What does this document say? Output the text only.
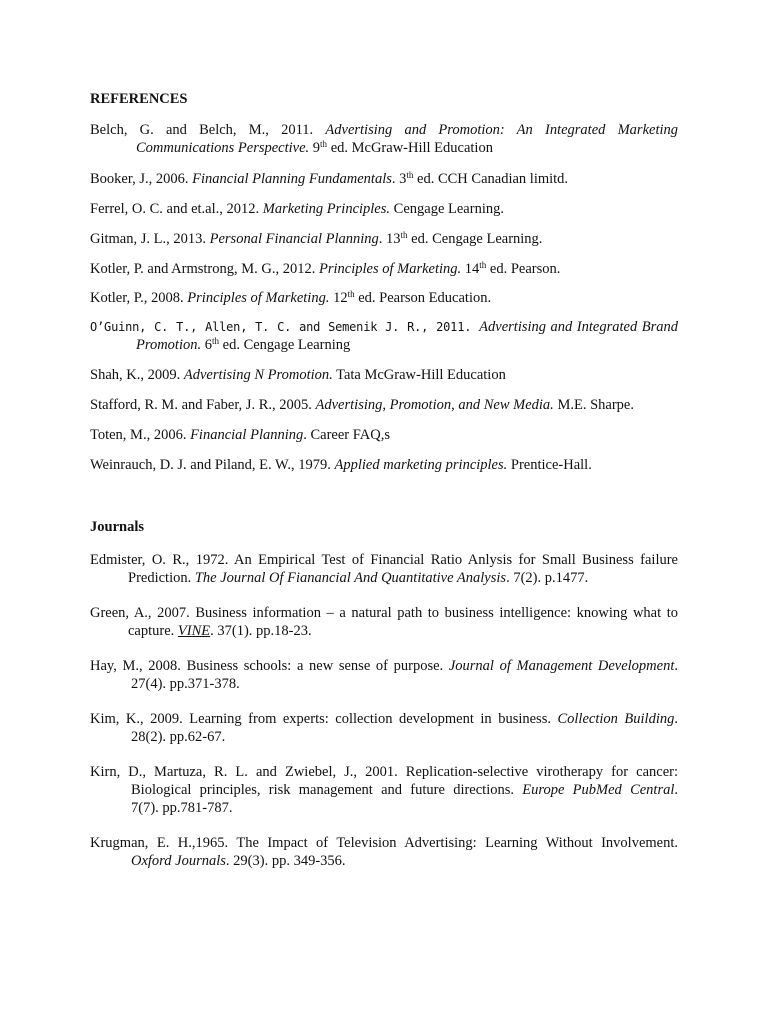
REFERENCES

Belch, G. and Belch, M., 2011. Advertising and Promotion: An Integrated Marketing
Communications Perspective. 9th ed. McGraw-Hill Education

Booker, J., 2006. Financial Planning Fundamentals. 3th ed. CCH Canadian limitd.

Ferrel, O. C. and et.al., 2012. Marketing Principles. Cengage Learning.

Gitman, J. L., 2013. Personal Financial Planning. 13th ed. Cengage Learning.

Kotler, P. and Armstrong, M. G., 2012. Principles of Marketing. 14th ed. Pearson.

Kotler, P., 2008. Principles of Marketing. 12th ed. Pearson Education.

O’Guinn, C. T., Allen, T. C. and Semenik J. R., 2011. Advertising and Integrated Brand
Promotion. 6th ed. Cengage Learning

Shah, K., 2009. Advertising N Promotion. Tata McGraw-Hill Education

Stafford, R. M. and Faber, J. R., 2005. Advertising, Promotion, and New Media. M.E. Sharpe.

Toten, M., 2006. Financial Planning. Career FAQ,s

Weinrauch, D. J. and Piland, E. W., 1979. Applied marketing principles. Prentice-Hall.

Journals

Edmister, O. R., 1972. An Empirical Test of Financial Ratio Anlysis for Small Business failure
Prediction. The Journal Of Fianancial And Quantitative Analysis. 7(2). p.1477.

Green, A., 2007. Business information – a natural path to business intelligence: knowing what to
capture. VINE. 37(1). pp.18-23.

Hay, M., 2008. Business schools: a new sense of purpose. Journal of Management Development.
27(4). pp.371-378.

Kim, K., 2009. Learning from experts: collection development in business. Collection Building.
28(2). pp.62-67.

Kirn, D., Martuza, R. L. and Zwiebel, J., 2001. Replication-selective virotherapy for cancer:
Biological principles, risk management and future directions. Europe PubMed Central.
7(7). pp.781-787.

Krugman, E. H.,1965. The Impact of Television Advertising: Learning Without Involvement.
Oxford Journals. 29(3). pp. 349-356.
